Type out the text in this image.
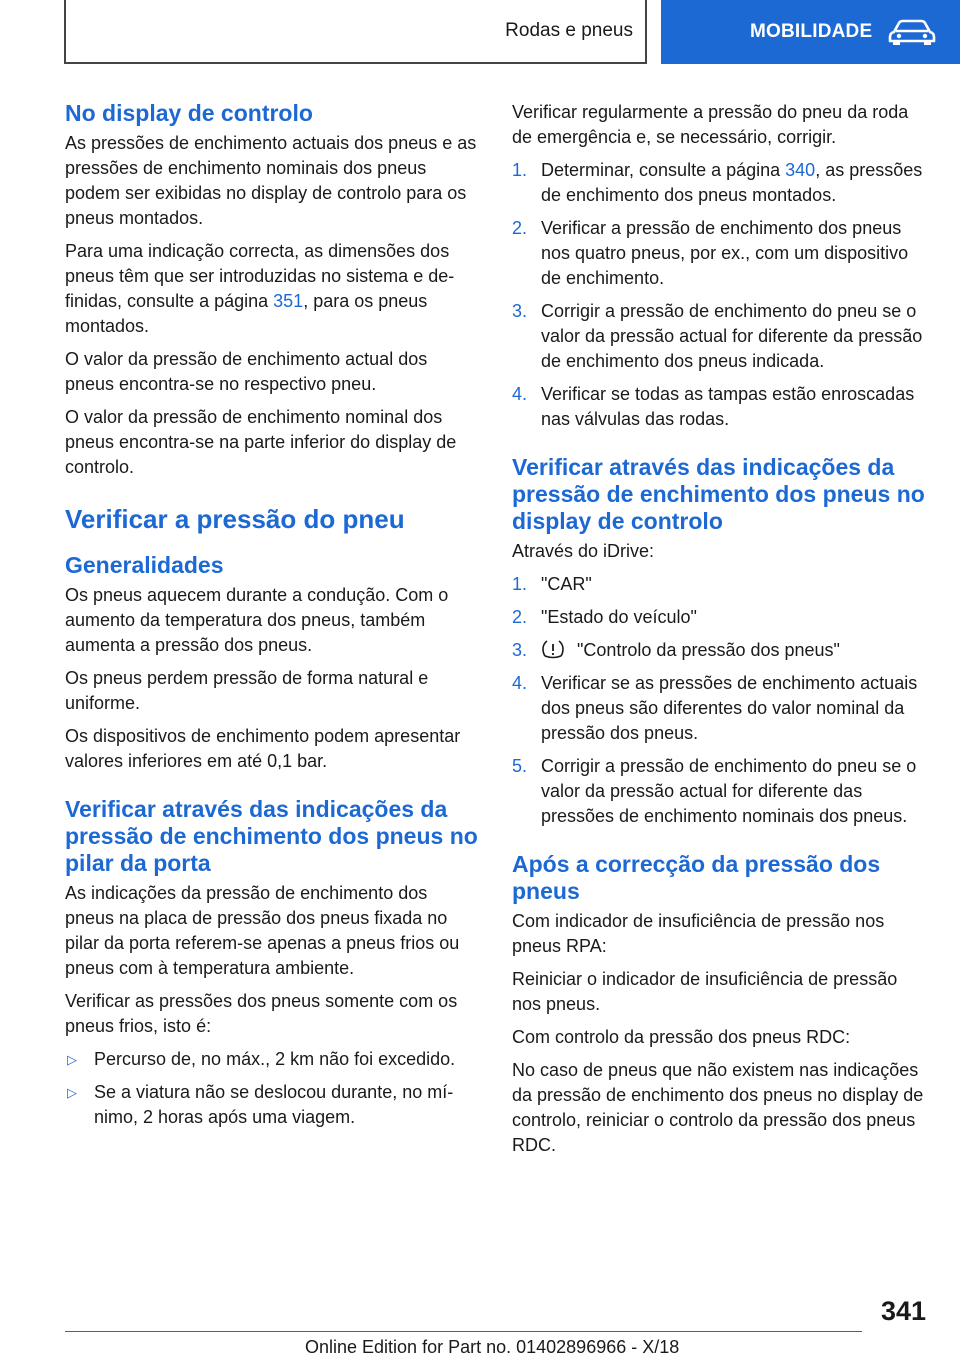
Rodas e pneus	MOBILIDADE
No display de controlo

As pressões de enchimento actuais dos pneus e as pressões de enchimento nominais dos pneus podem ser exibidas no display de controlo para os pneus montados.

Para uma indicação correcta, as dimensões dos pneus têm que ser introduzidas no sistema e definidas, consulte a página 351, para os pneus montados.

O valor da pressão de enchimento actual dos pneus encontra-se no respectivo pneu.

O valor da pressão de enchimento nominal dos pneus encontra-se na parte inferior do display de controlo.

Verificar a pressão do pneu
Generalidades

Os pneus aquecem durante a condução. Com o aumento da temperatura dos pneus, também aumenta a pressão dos pneus.

Os pneus perdem pressão de forma natural e uniforme.

Os dispositivos de enchimento podem apresentar valores inferiores em até 0,1 bar.

Verificar através das indicações da pressão de enchimento dos pneus no pilar da porta

As indicações da pressão de enchimento dos pneus na placa de pressão dos pneus fixada no pilar da porta referem-se apenas a pneus frios ou pneus com à temperatura ambiente.

Verificar as pressões dos pneus somente com os pneus frios, isto é:

▷ Percurso de, no máx., 2 km não foi excedido.
▷ Se a viatura não se deslocou durante, no mínimo, 2 horas após uma viagem.

Verificar regularmente a pressão do pneu da roda de emergência e, se necessário, corrigir.

1. Determinar, consulte a página 340, as pressões de enchimento dos pneus montados.
2. Verificar a pressão de enchimento dos pneus nos quatro pneus, por ex., com um dispositivo de enchimento.
3. Corrigir a pressão de enchimento do pneu se o valor da pressão actual for diferente da pressão de enchimento dos pneus indicada.
4. Verificar se todas as tampas estão enroscadas nas válvulas das rodas.
Verificar através das indicações da pressão de enchimento dos pneus no display de controlo

Através do iDrive:

1. "CAR"
2. "Estado do veículo"
3.	"Controlo da pressão dos pneus"
4. Verificar se as pressões de enchimento actuais dos pneus são diferentes do valor nominal da pressão dos pneus.
5. Corrigir a pressão de enchimento do pneu se o valor da pressão actual for diferente das pressões de enchimento nominais dos pneus.
Após a correcção da pressão dos pneus

Com indicador de insuficiência de pressão nos pneus RPA:

Reiniciar o indicador de insuficiência de pressão nos pneus.

Com controlo da pressão dos pneus RDC:

No caso de pneus que não existem nas indicações da pressão de enchimento dos pneus no display de controlo, reiniciar o controlo da pressão dos pneus RDC.

341
Online Edition for Part no. 01402896966 - X/18
